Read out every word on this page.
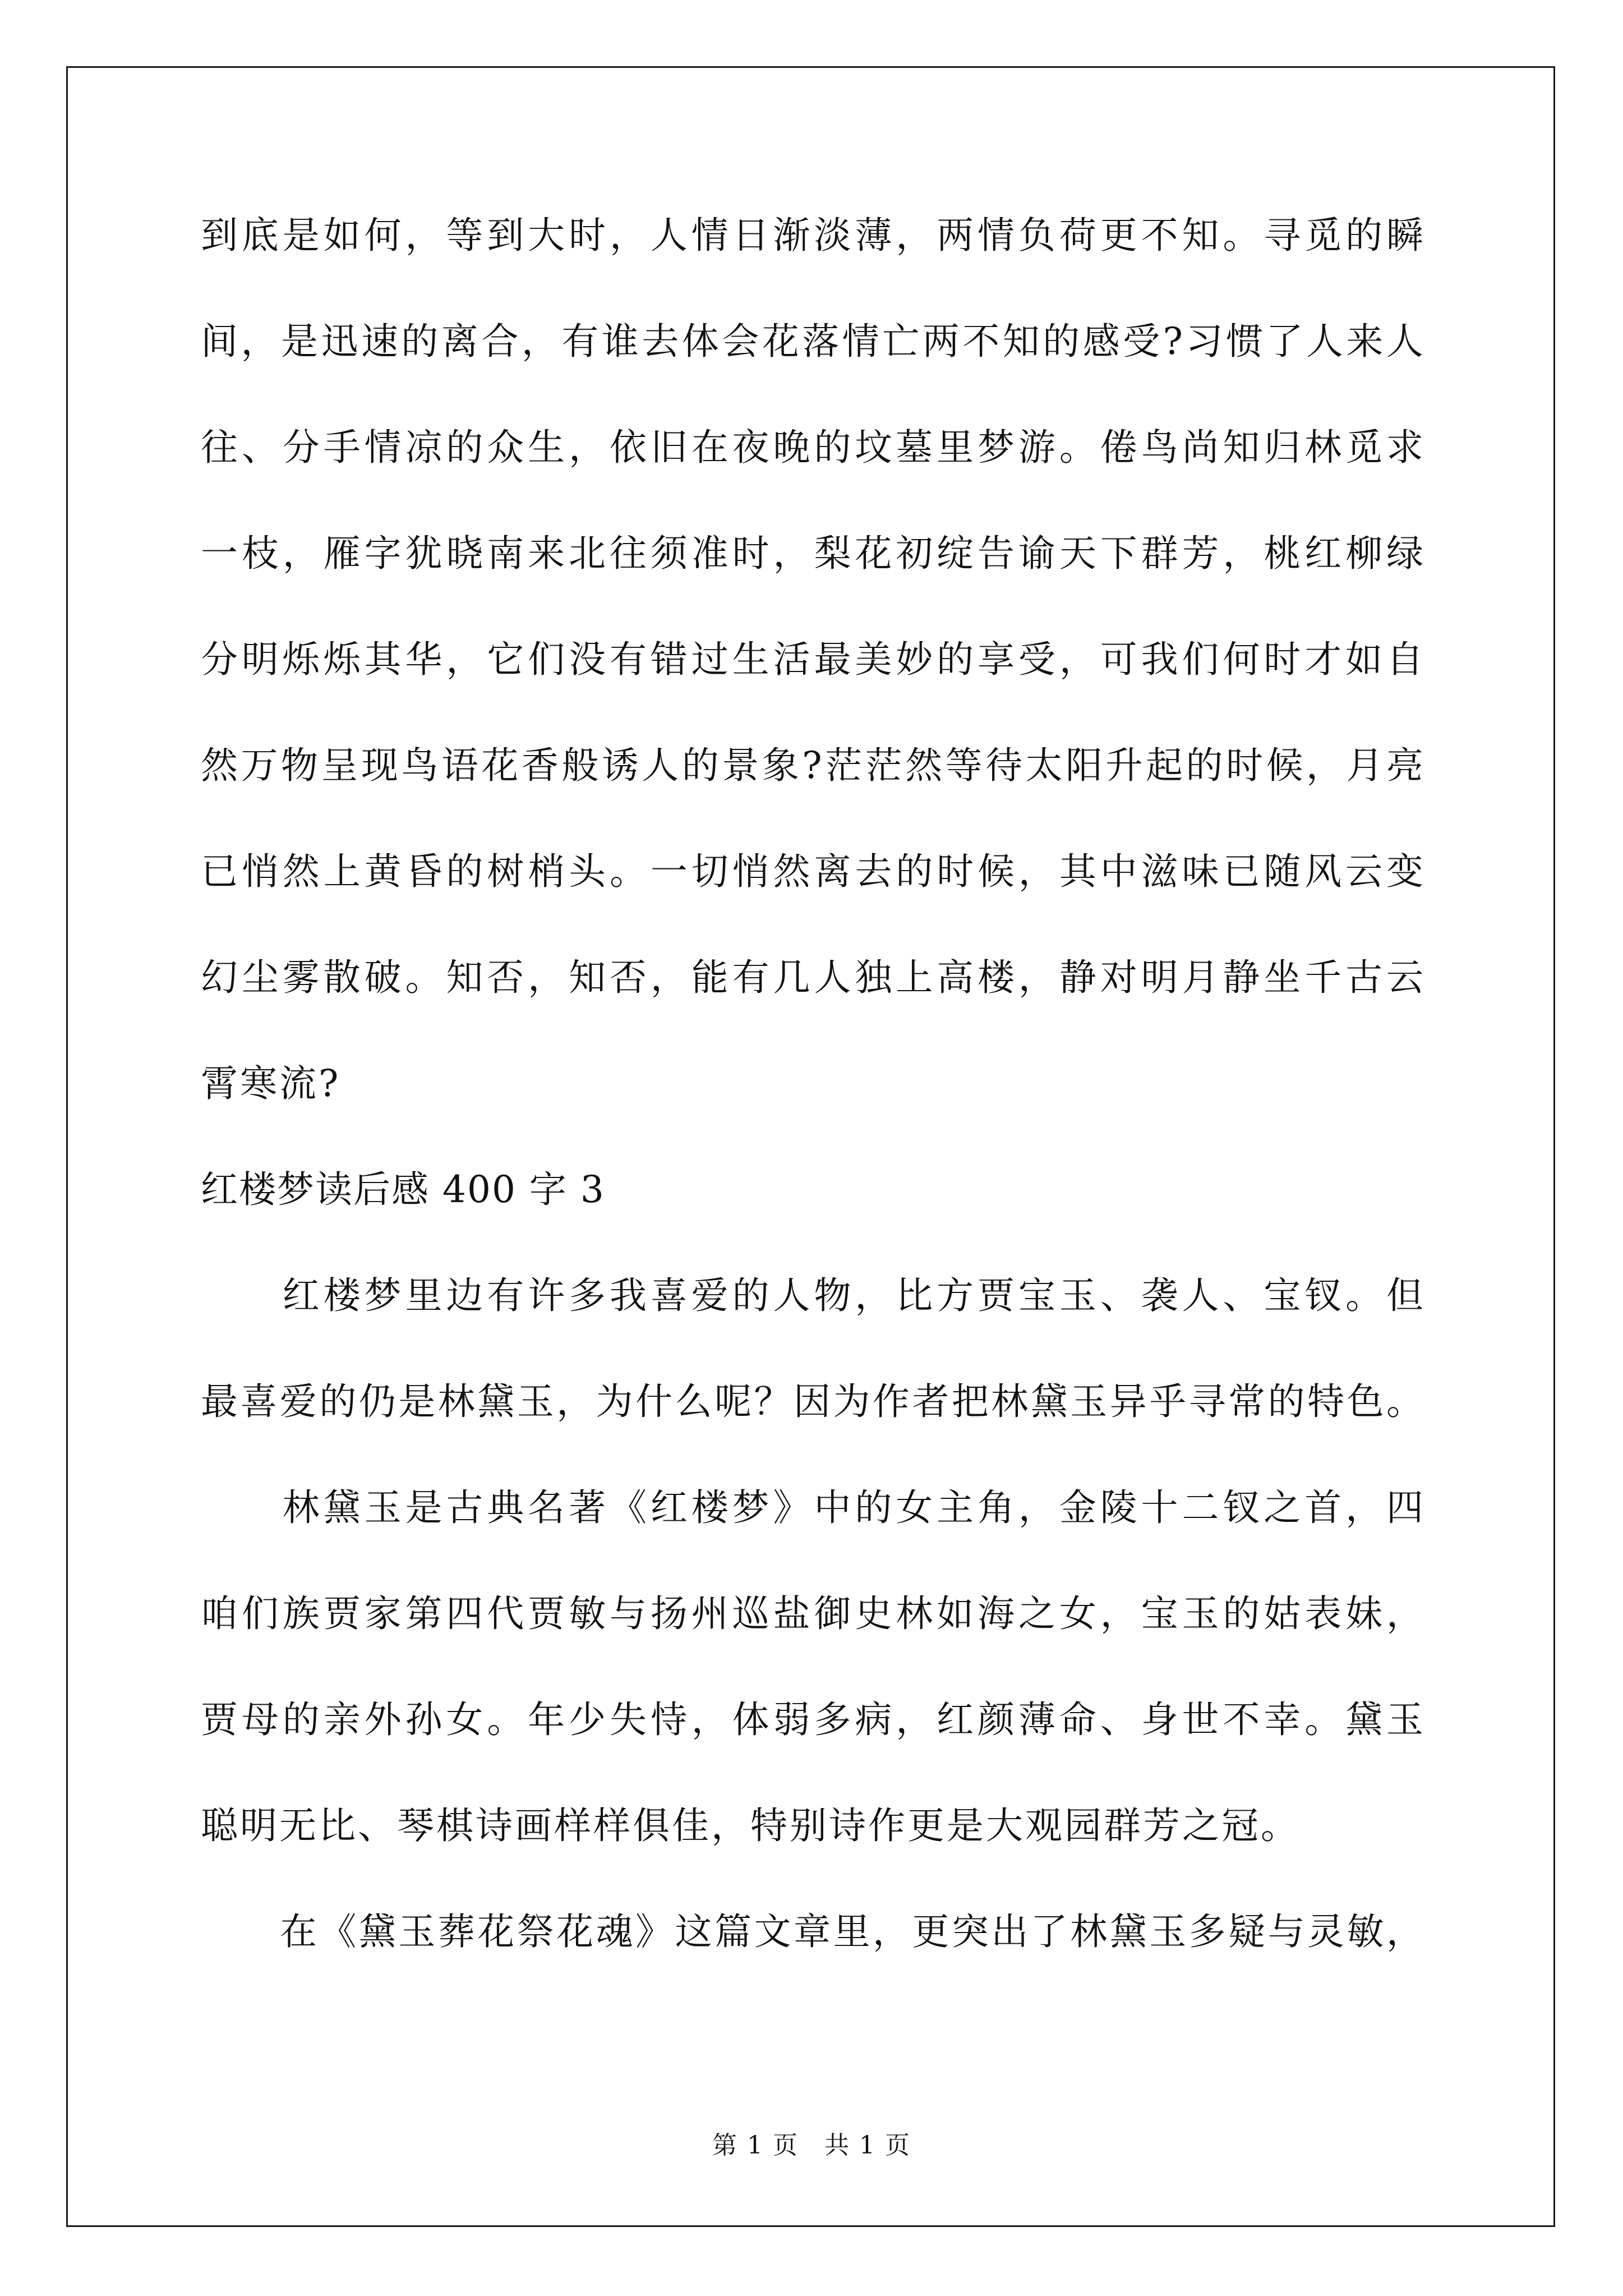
到底是如何，等到大时，人情日渐淡薄，两情负荷更不知。寻觅的瞬
间，是迅速的离合，有谁去体会花落情亡两不知的感受?习惯了人来人
往、分手情凉的众生，依旧在夜晚的坟墓里梦游。倦鸟尚知归林觅求
一枝，雁字犹晓南来北往须准时，梨花初绽告谕天下群芳，桃红柳绿
分明烁烁其华，它们没有错过生活最美妙的享受，可我们何时才如自
然万物呈现鸟语花香般诱人的景象?茫茫然等待太阳升起的时候，月亮
已悄然上黄昏的树梢头。一切悄然离去的时候，其中滋味已随风云变
幻尘雾散破。知否，知否，能有几人独上高楼，静对明月静坐千古云
霄寒流?
红楼梦读后感 400 字 3
　　红楼梦里边有许多我喜爱的人物，比方贾宝玉、袭人、宝钗。但
最喜爱的仍是林黛玉，为什么呢？因为作者把林黛玉异乎寻常的特色。
　　林黛玉是古典名著《红楼梦》中的女主角，金陵十二钗之首，四
咱们族贾家第四代贾敏与扬州巡盐御史林如海之女，宝玉的姑表妹，
贾母的亲外孙女。年少失恃，体弱多病，红颜薄命、身世不幸。黛玉
聪明无比、琴棋诗画样样俱佳，特别诗作更是大观园群芳之冠。
　　在《黛玉葬花祭花魂》这篇文章里，更突出了林黛玉多疑与灵敏，
第 1 页　共 1 页
